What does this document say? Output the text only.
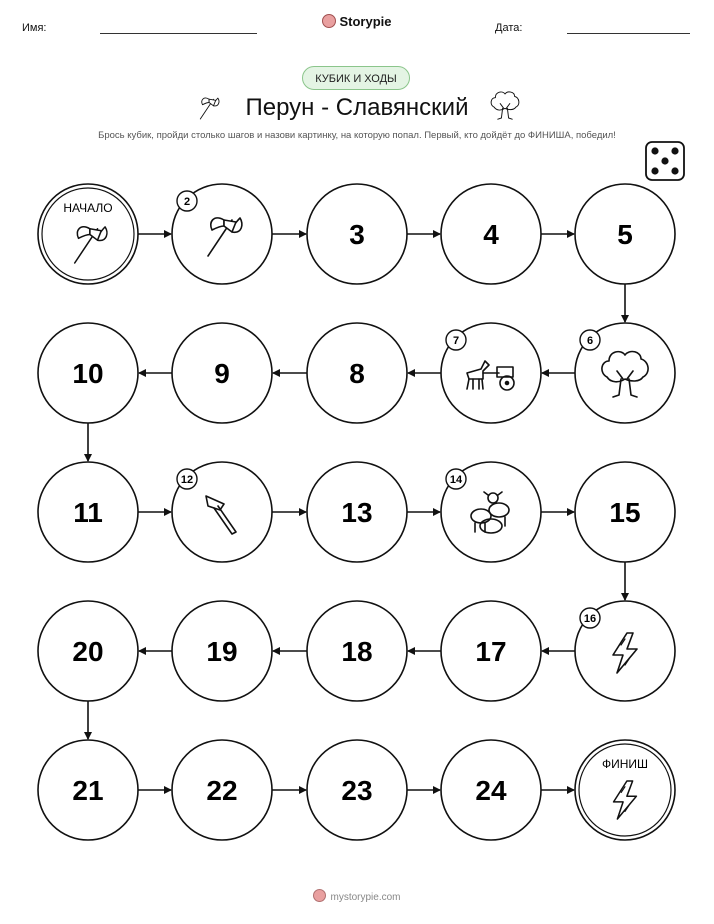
Имя:	Storypie	Дата:
КУБИК И ХОДЫ
Перун - Славянский
Брось кубик, пройди столько шагов и назови картинку, на которую попал. Первый, кто дойдёт до ФИНИША, победил!
НАЧАЛО	2
3	4	5
6
7
8
9
10
11
12
13
14
15
16
17
18
19
20
21	22	23	24
ФИНИШ
mystorypie.com
